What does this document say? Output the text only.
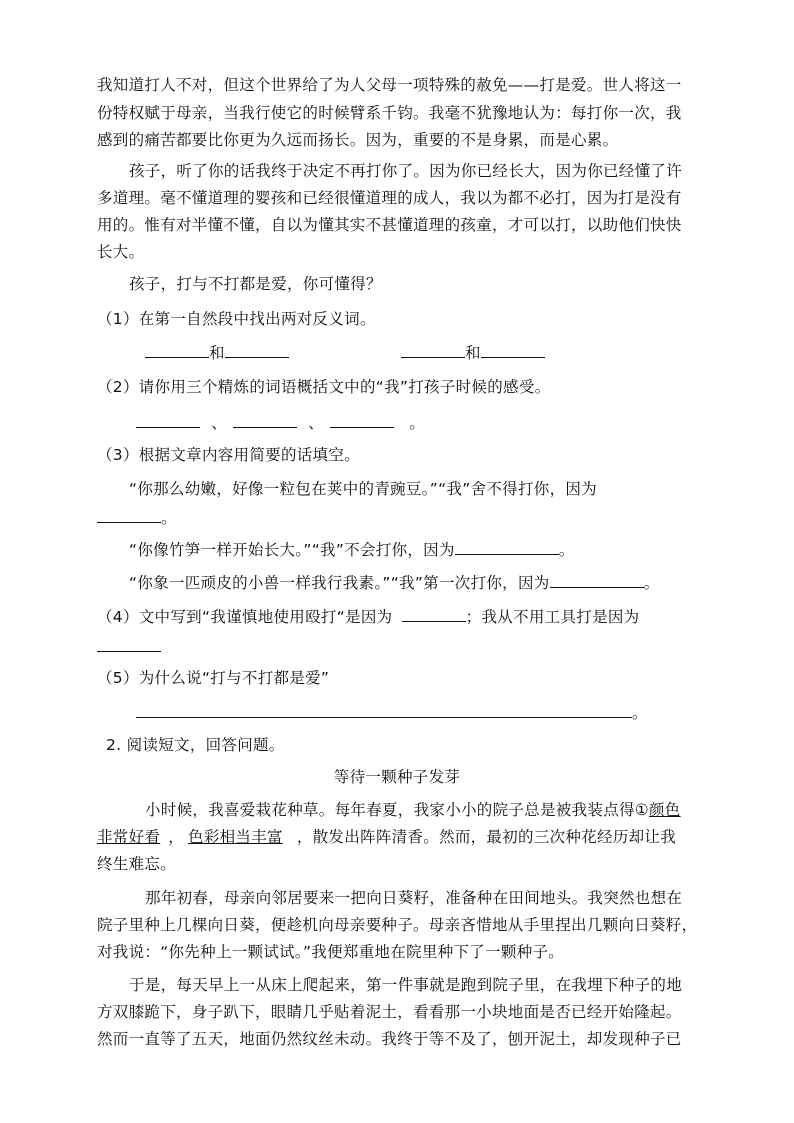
我知道打人不对，但这个世界给了为人父母一项特殊的赦免——打是爱。世人将这一
份特权赋于母亲，当我行使它的时候臂系千钧。我毫不犹豫地认为：每打你一次，我
感到的痛苦都要比你更为久远而扬长。因为，重要的不是身累，而是心累。
孩子，听了你的话我终于决定不再打你了。因为你已经长大，因为你已经懂了许
多道理。毫不懂道理的婴孩和已经很懂道理的成人，我以为都不必打，因为打是没有
用的。惟有对半懂不懂，自以为懂其实不甚懂道理的孩童，才可以打，以助他们快快
长大。
孩子，打与不打都是爱，你可懂得？
（1）在第一自然段中找出两对反义词。
和	和
（2）请你用三个精炼的词语概括文中的“我”打孩子时候的感受。
、	、	。
（3）根据文章内容用简要的话填空。
“你那么幼嫩，好像一粒包在荚中的青豌豆。”“我”舍不得打你，因为
。
“你像竹笋一样开始长大。”“我”不会打你，因为	。
“你象一匹顽皮的小兽一样我行我素。”“我”第一次打你，因为	。
（4）文中写到“我谨慎地使用殴打“是因为	；我从不用工具打是因为
（5）为什么说“打与不打都是爱”
。
2. 阅读短文，回答问题。
等待一颗种子发芽
小时候，我喜爱栽花种草。每年春夏，我家小小的院子总是被我装点得①颜色
非常好看 ， 色彩相当丰富 ，散发出阵阵清香。然而，最初的三次种花经历却让我
终生难忘。
那年初春，母亲向邻居要来一把向日葵籽，准备种在田间地头。我突然也想在
院子里种上几棵向日葵，便趁机向母亲要种子。母亲吝惜地从手里捏出几颗向日葵籽，
对我说：“你先种上一颗试试。”我便郑重地在院里种下了一颗种子。
于是，每天早上一从床上爬起来，第一件事就是跑到院子里，在我埋下种子的地
方双膝跪下，身子趴下，眼睛几乎贴着泥土，看看那一小块地面是否已经开始隆起。
然而一直等了五天，地面仍然纹丝未动。我终于等不及了，刨开泥土，却发现种子已
